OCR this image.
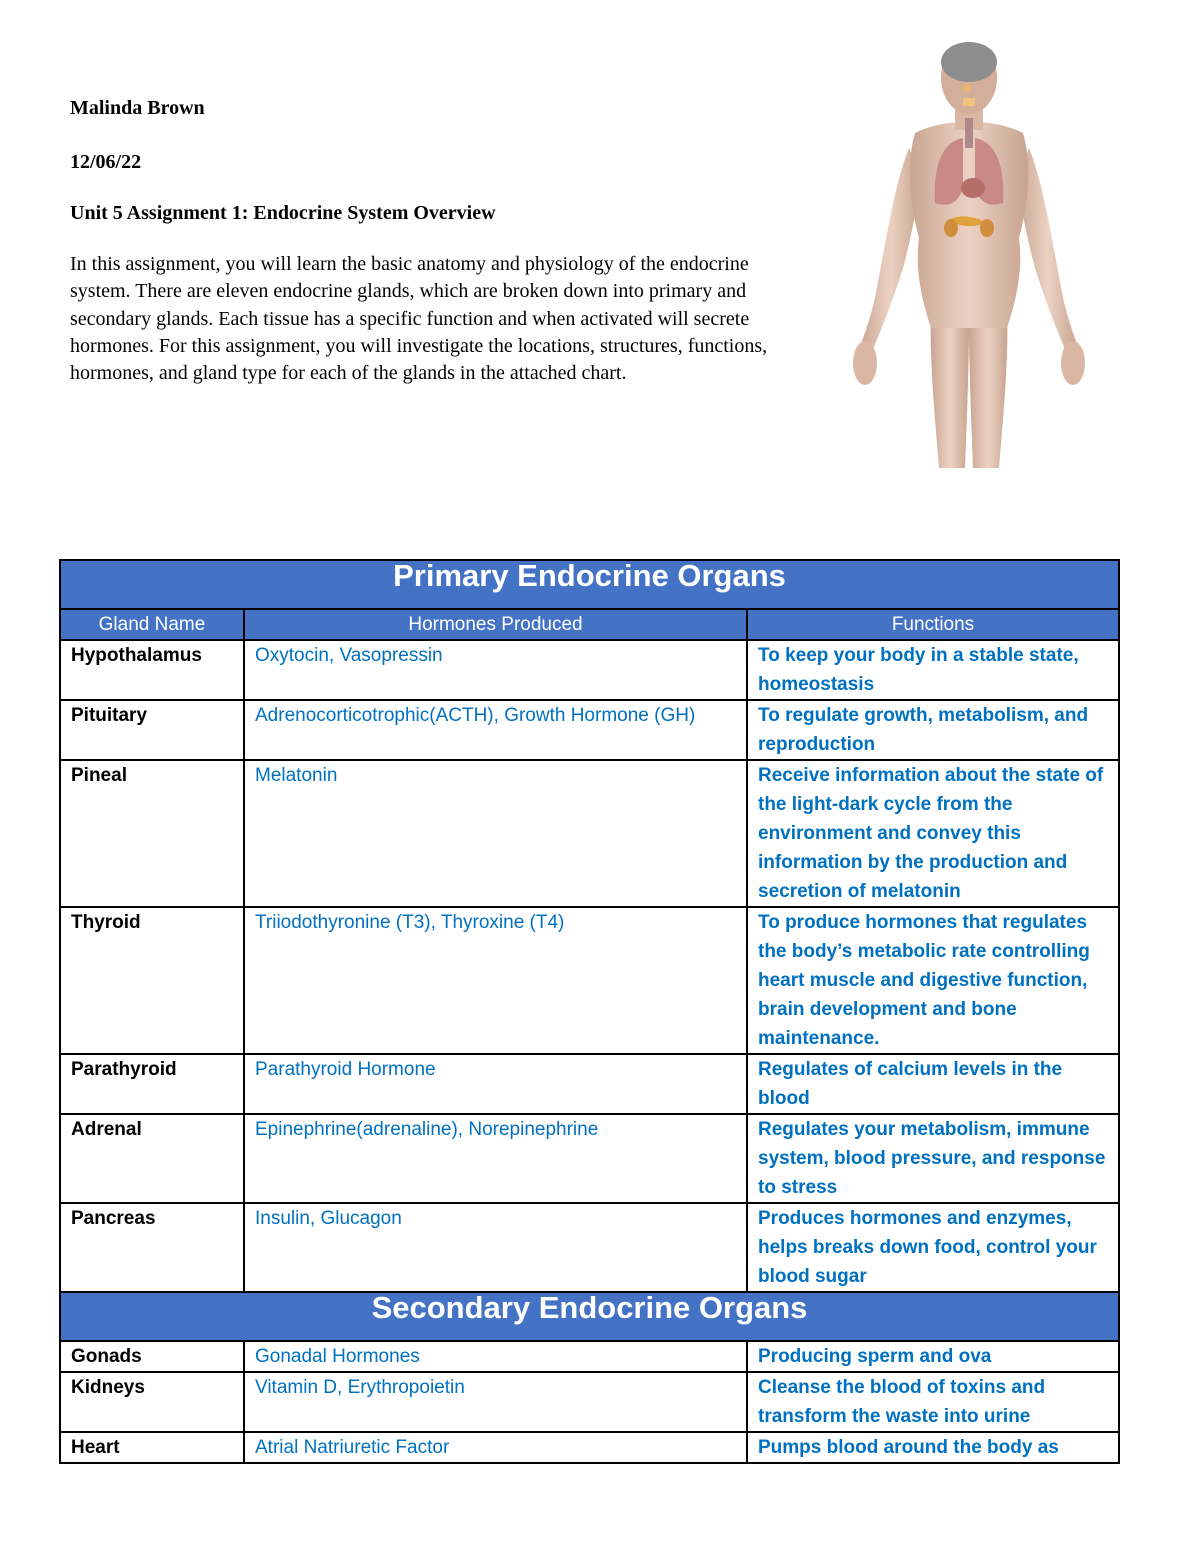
Malinda Brown

12/06/22

Unit 5 Assignment 1: Endocrine System Overview

In this assignment, you will learn the basic anatomy and physiology of the endocrine system. There are eleven endocrine glands, which are broken down into primary and secondary glands. Each tissue has a specific function and when activated will secrete hormones. For this assignment, you will investigate the locations, structures, functions, hormones, and gland type for each of the glands in the attached chart.

Primary Endocrine Organs		
Gland Name	Hormones Produced	Functions
Hypothalamus	Oxytocin, Vasopressin	To keep your body in a stable state, homeostasis
Pituitary	Adrenocorticotrophic(ACTH), Growth Hormone (GH)	To regulate growth, metabolism, and reproduction
Pineal	Melatonin	Receive information about the state of the light-dark cycle from the environment and convey this information by the production and secretion of melatonin
Thyroid	Triiodothyronine (T3), Thyroxine (T4)	To produce hormones that regulates the body’s metabolic rate controlling heart muscle and digestive function, brain development and bone maintenance.
Parathyroid	Parathyroid Hormone	Regulates of calcium levels in the blood
Adrenal	Epinephrine(adrenaline), Norepinephrine	Regulates your metabolism, immune system, blood pressure, and response to stress
Pancreas	Insulin, Glucagon	Produces hormones and enzymes, helps breaks down food, control your blood sugar
Secondary Endocrine Organs		
Gonads	Gonadal Hormones	Producing sperm and ova
Kidneys	Vitamin D, Erythropoietin	Cleanse the blood of toxins and transform the waste into urine
Heart	Atrial Natriuretic Factor	Pumps blood around the body as
